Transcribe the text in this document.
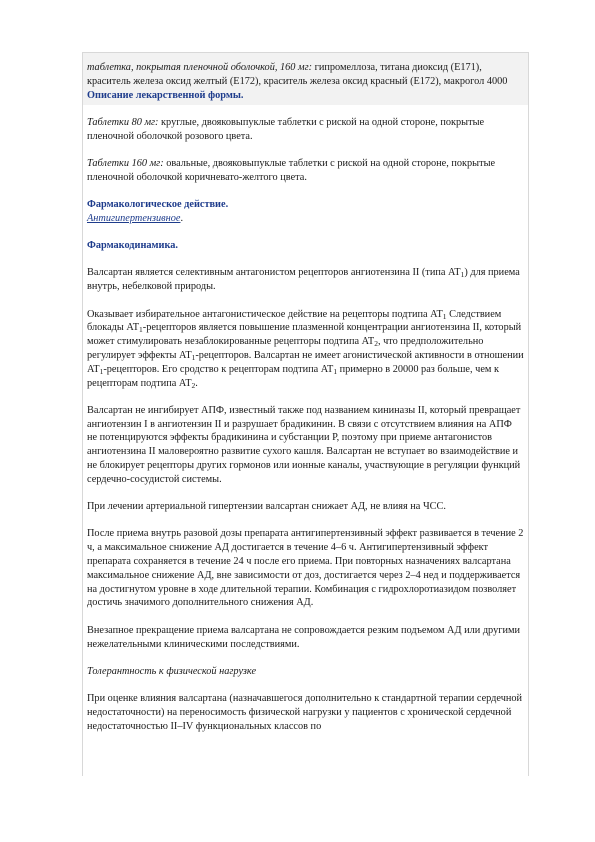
таблетка, покрытая пленочной оболочкой, 160 мг: гипромеллоза, титана диоксид (Е171), краситель железа оксид желтый (Е172), краситель железа оксид красный (Е172), макрогол 4000

Описание лекарственной формы.

Таблетки 80 мг: круглые, двояковыпуклые таблетки с риской на одной стороне, покрытые пленочной оболочкой розового цвета.

Таблетки 160 мг: овальные, двояковыпуклые таблетки с риской на одной стороне, покрытые пленочной оболочкой коричневато-желтого цвета.

Фармакологическое действие.

Антигипертензивное.

Фармакодинамика.

Валсартан является селективным антагонистом рецепторов ангиотензина II (типа $AT_1$) для приема внутрь, небелковой природы.

Оказывает избирательное антагонистическое действие на рецепторы подтипа $AT_1$ Следствием блокады $AT_1$-рецепторов является повышение плазменной концентрации ангиотензина II, который может стимулировать незаблокированные рецепторы подтипа $AT_2$, что предположительно регулирует эффекты $AT_1$-рецепторов. Валсартан не имеет агонистической активности в отношении $AT_1$-рецепторов. Его сродство к рецепторам подтипа $AT_1$ примерно в 20000 раз больше, чем к рецепторам подтипа $AT_2$.

Валсартан не ингибирует АПФ, известный также под названием кининазы II, который превращает ангиотензин I в ангиотензин II и разрушает брадикинин. В связи с отсутствием влияния на АПФ не потенцируются эффекты брадикинина и субстанции Р, поэтому при приеме антагонистов ангиотензина II маловероятно развитие сухого кашля. Валсартан не вступает во взаимодействие и не блокирует рецепторы других гормонов или ионные каналы, участвующие в регуляции функций сердечно-сосудистой системы.

При лечении артериальной гипертензии валсартан снижает АД, не влияя на ЧСС.

После приема внутрь разовой дозы препарата антигипертензивный эффект развивается в течение 2 ч, а максимальное снижение АД достигается в течение 4–6 ч. Антигипертензивный эффект препарата сохраняется в течение 24 ч после его приема. При повторных назначениях валсартана максимальное снижение АД, вне зависимости от доз, достигается через 2–4 нед и поддерживается на достигнутом уровне в ходе длительной терапии. Комбинация с гидрохлоротиазидом позволяет достичь значимого дополнительного снижения АД.

Внезапное прекращение приема валсартана не сопровождается резким подъемом АД или другими нежелательными клиническими последствиями.

Толерантность к физической нагрузке

При оценке влияния валсартана (назначавшегося дополнительно к стандартной терапии сердечной недостаточности) на переносимость физической нагрузки у пациентов с хронической сердечной недостаточностью II–IV функциональных классов по
